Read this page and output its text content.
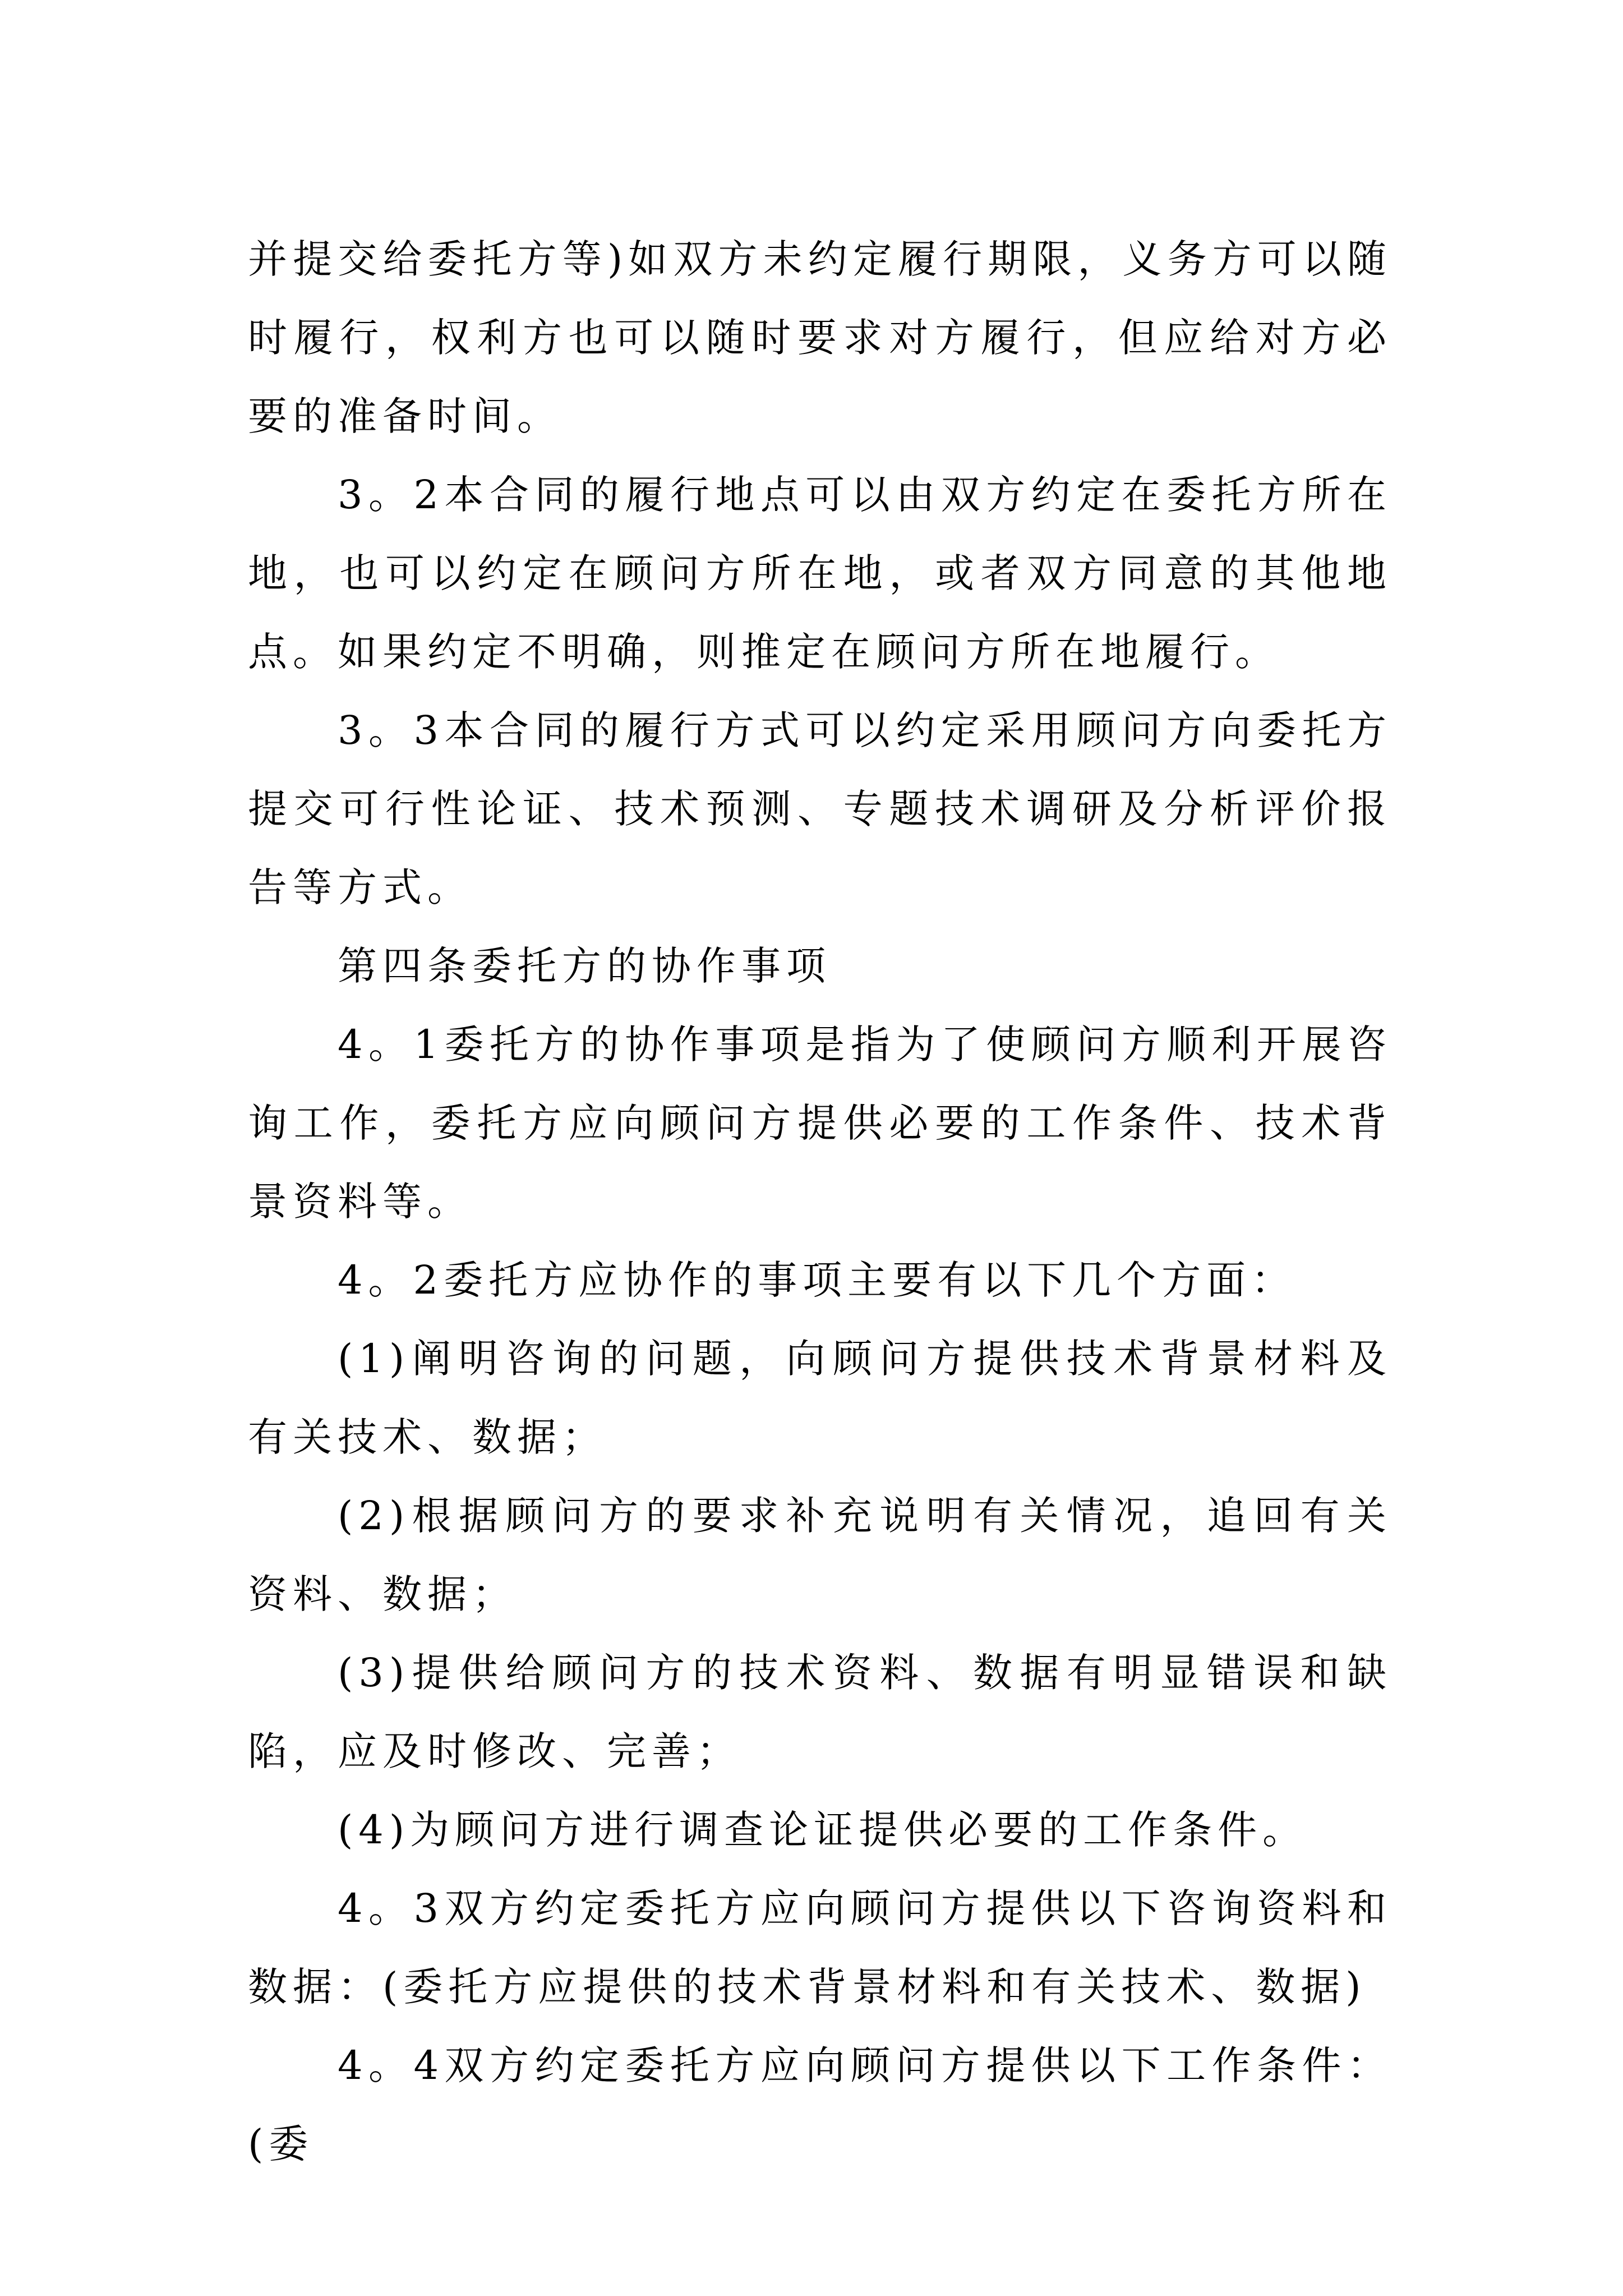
并提交给委托方等)如双方未约定履行期限，义务方可以随时履行，权利方也可以随时要求对方履行，但应给对方必要的准备时间。

3。2本合同的履行地点可以由双方约定在委托方所在地，也可以约定在顾问方所在地，或者双方同意的其他地点。如果约定不明确，则推定在顾问方所在地履行。

3。3本合同的履行方式可以约定采用顾问方向委托方提交可行性论证、技术预测、专题技术调研及分析评价报告等方式。

第四条委托方的协作事项

4。1委托方的协作事项是指为了使顾问方顺利开展咨询工作，委托方应向顾问方提供必要的工作条件、技术背景资料等。

4。2委托方应协作的事项主要有以下几个方面：

(1)阐明咨询的问题，向顾问方提供技术背景材料及有关技术、数据；

(2)根据顾问方的要求补充说明有关情况，追回有关资料、数据；

(3)提供给顾问方的技术资料、数据有明显错误和缺陷，应及时修改、完善；

(4)为顾问方进行调查论证提供必要的工作条件。

4。3双方约定委托方应向顾问方提供以下咨询资料和数据：(委托方应提供的技术背景材料和有关技术、数据)

4。4双方约定委托方应向顾问方提供以下工作条件：(委
